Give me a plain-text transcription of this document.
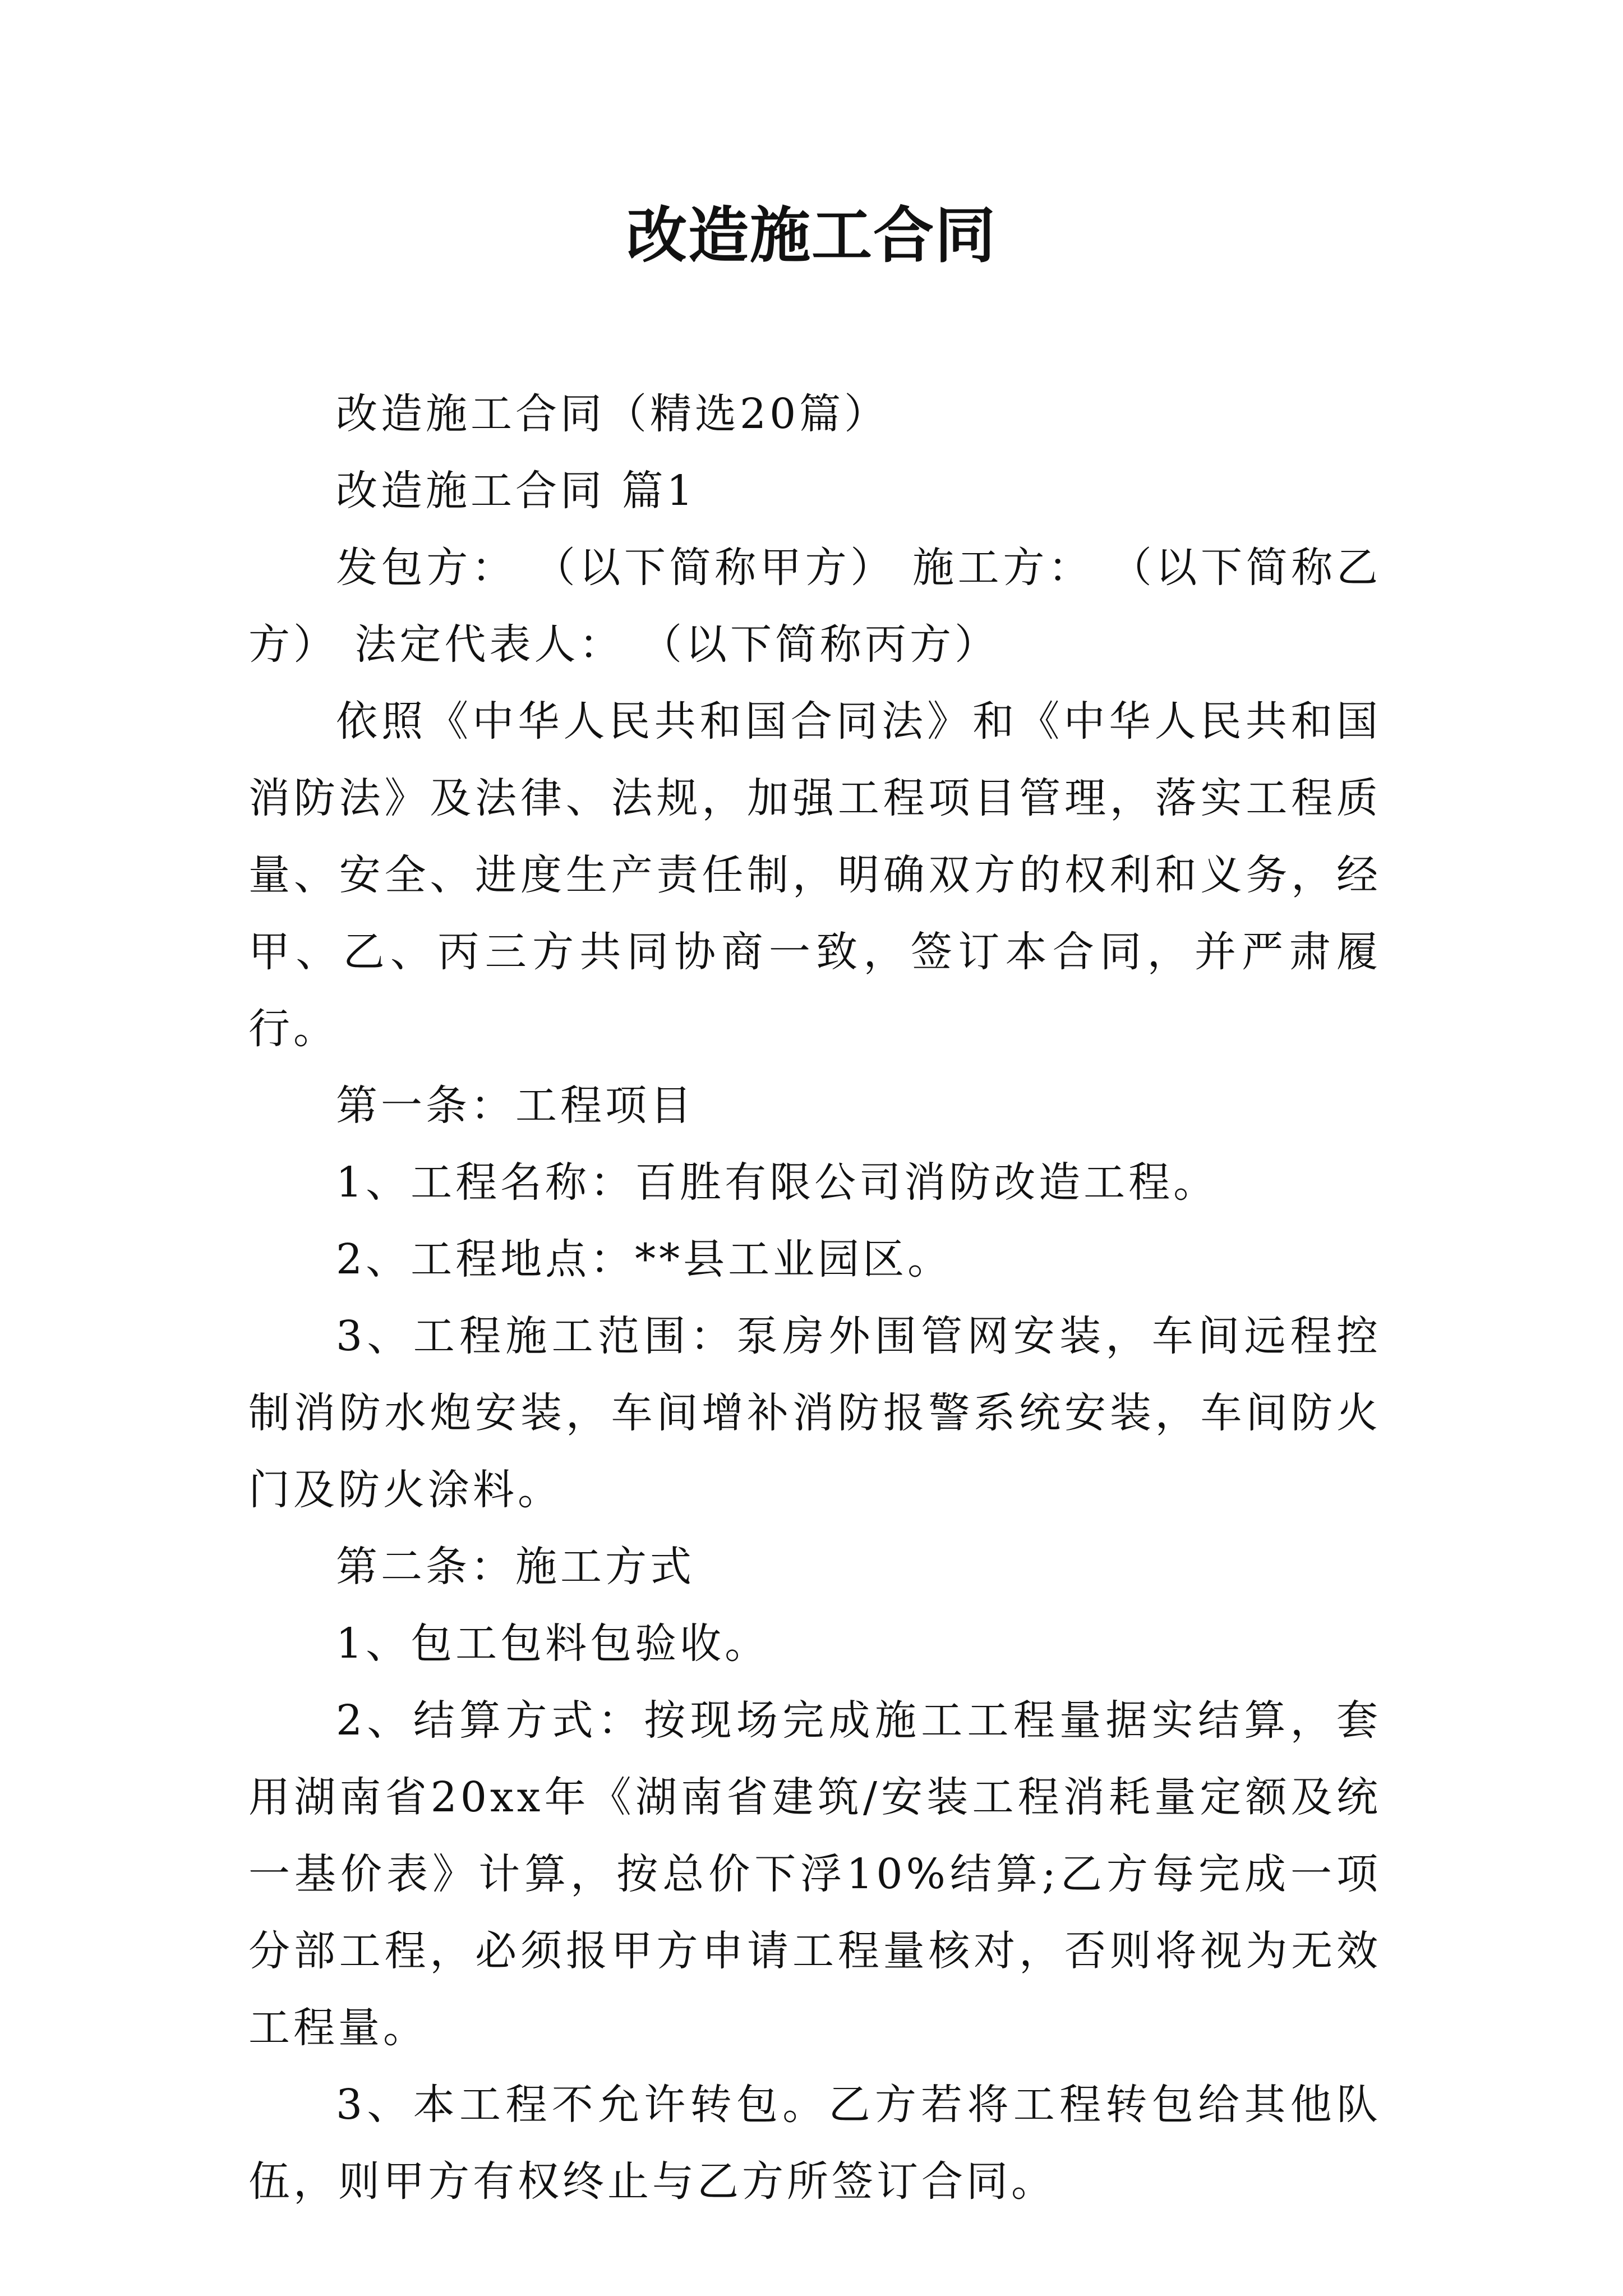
改造施工合同

改造施工合同（精选20篇）

改造施工合同 篇1

发包方： （以下简称甲方） 施工方： （以下简称乙方） 法定代表人： （以下简称丙方）

依照《中华人民共和国合同法》和《中华人民共和国消防法》及法律、法规，加强工程项目管理，落实工程质量、安全、进度生产责任制，明确双方的权利和义务，经甲、乙、丙三方共同协商一致，签订本合同，并严肃履行。

第一条：工程项目

1、工程名称：百胜有限公司消防改造工程。

2、工程地点：**县工业园区。

3、工程施工范围：泵房外围管网安装，车间远程控制消防水炮安装，车间增补消防报警系统安装，车间防火门及防火涂料。

第二条：施工方式

1、包工包料包验收。

2、结算方式：按现场完成施工工程量据实结算，套用湖南省20xx年《湖南省建筑/安装工程消耗量定额及统一基价表》计算，按总价下浮10%结算;乙方每完成一项分部工程，必须报甲方申请工程量核对，否则将视为无效工程量。

3、本工程不允许转包。乙方若将工程转包给其他队伍，则甲方有权终止与乙方所签订合同。
